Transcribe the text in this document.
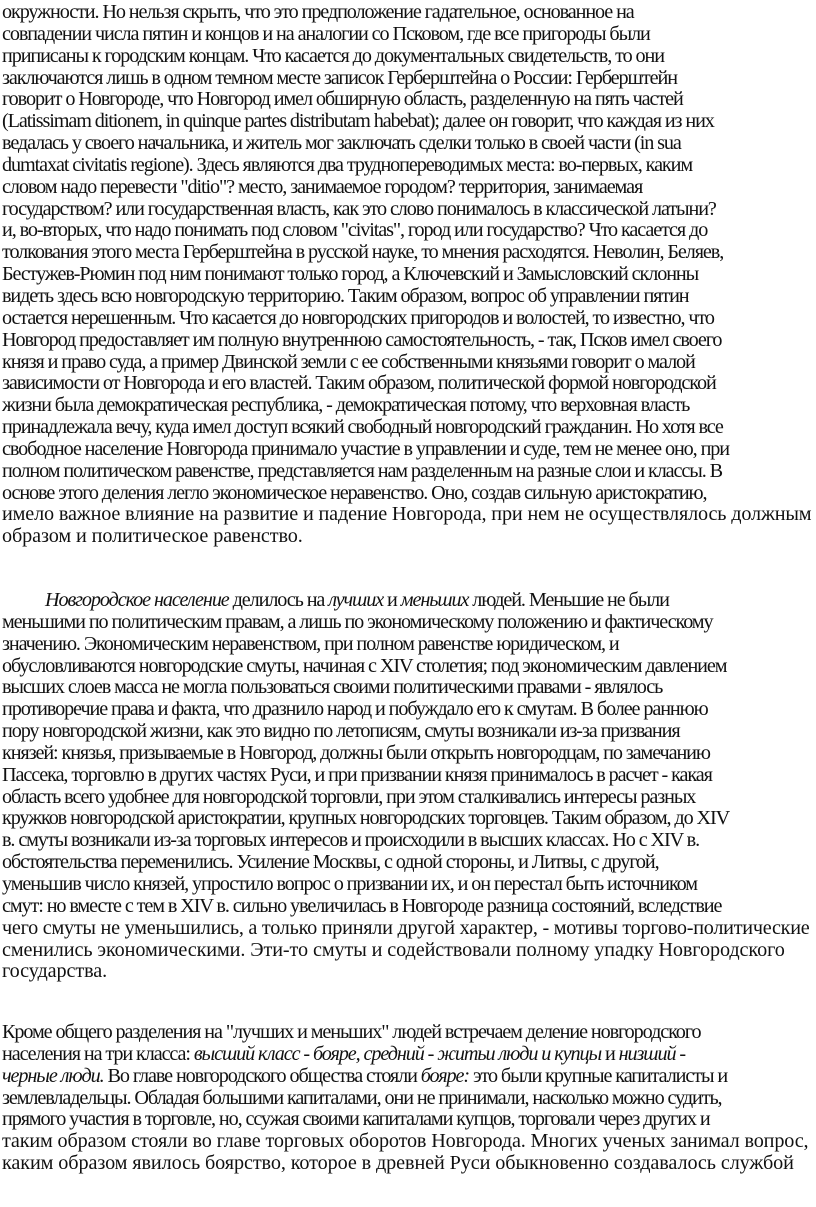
окружности. Но нельзя скрыть, что это предположение гадательное, основанное на
совпадении числа пятин и концов и на аналогии со Псковом, где все пригороды были
приписаны к городским концам. Что касается до документальных свидетельств, то они
заключаются лишь в одном темном месте записок Герберштейна о России: Герберштейн
говорит о Новгороде, что Новгород имел обширную область, разделенную на пять частей
(Latissimam ditionem, in quinque partes distributam habebat); далее он говорит, что каждая из них
ведалась у своего начальника, и житель мог заключать сделки только в своей части (in sua
dumtaxat civitatis regione). Здесь являются два труднопереводимых места: во-первых, каким
словом надо перевести "ditio"? место, занимаемое городом? территория, занимаемая
государством? или государственная власть, как это слово понималось в классической латыни?
и, во-вторых, что надо понимать под словом "civitas", город или государство? Что касается до
толкования этого места Герберштейна в русской науке, то мнения расходятся. Неволин, Беляев,
Бестужев-Рюмин под ним понимают только город, а Ключевский и Замысловский склонны
видеть здесь всю новгородскую территорию. Таким образом, вопрос об управлении пятин
остается нерешенным. Что касается до новгородских пригородов и волостей, то известно, что
Новгород предоставляет им полную внутреннюю самостоятельность, - так, Псков имел своего
князя и право суда, а пример Двинской земли с ее собственными князьями говорит о малой
зависимости от Новгорода и его властей. Таким образом, политической формой новгородской
жизни была демократическая республика, - демократическая потому, что верховная власть
принадлежала вечу, куда имел доступ всякий свободный новгородский гражданин. Но хотя все
свободное население Новгорода принимало участие в управлении и суде, тем не менее оно, при
полном политическом равенстве, представляется нам разделенным на разные слои и классы. В
основе этого деления легло экономическое неравенство. Оно, создав сильную аристократию,
имело важное влияние на развитие и падение Новгорода, при нем не осуществлялось должным
образом и политическое равенство.

Новгородское население делилось на лучших и меньших людей. Меньшие не были
меньшими по политическим правам, а лишь по экономическому положению и фактическому
значению. Экономическим неравенством, при полном равенстве юридическом, и
обусловливаются новгородские смуты, начиная с XIV столетия; под экономическим давлением
высших слоев масса не могла пользоваться своими политическими правами - являлось
противоречие права и факта, что дразнило народ и побуждало его к смутам. В более раннюю
пору новгородской жизни, как это видно по летописям, смуты возникали из-за призвания
князей: князья, призываемые в Новгород, должны были открыть новгородцам, по замечанию
Пассека, торговлю в других частях Руси, и при призвании князя принималось в расчет - какая
область всего удобнее для новгородской торговли, при этом сталкивались интересы разных
кружков новгородской аристократии, крупных новгородских торговцев. Таким образом, до XIV
в. смуты возникали из-за торговых интересов и происходили в высших классах. Но с XIV в.
обстоятельства переменились. Усиление Москвы, с одной стороны, и Литвы, с другой,
уменьшив число князей, упростило вопрос о призвании их, и он перестал быть источником
смут: но вместе с тем в XIV в. сильно увеличилась в Новгороде разница состояний, вследствие
чего смуты не уменьшились, а только приняли другой характер, - мотивы торгово-политические
сменились экономическими. Эти-то смуты и содействовали полному упадку Новгородского
государства.

Кроме общего разделения на "лучших и меньших" людей встречаем деление новгородского
населения на три класса: высший класс - бояре, средний - житьи люди и купцы и низший -
черные люди. Во главе новгородского общества стояли бояре: это были крупные капиталисты и
землевладельцы. Обладая большими капиталами, они не принимали, насколько можно судить,
прямого участия в торговле, но, ссужая своими капиталами купцов, торговали через других и
таким образом стояли во главе торговых оборотов Новгорода. Многих ученых занимал вопрос,
каким образом явилось боярство, которое в древней Руси обыкновенно создавалось службой
